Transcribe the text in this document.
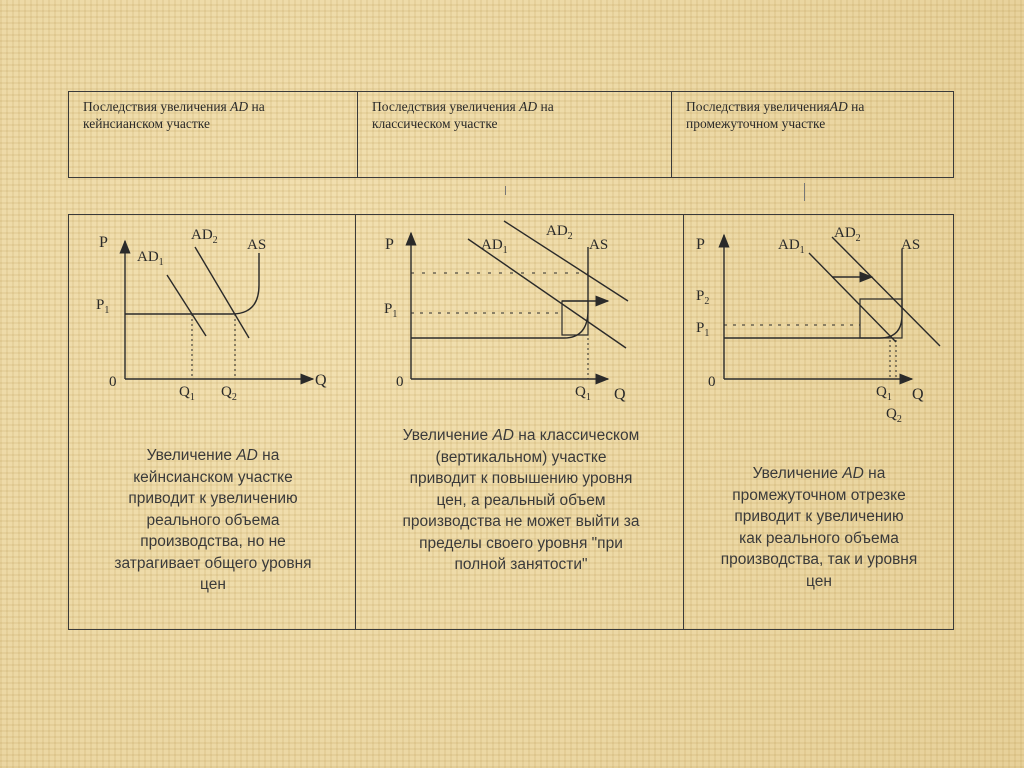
Последствия увеличения AD на
кейнсианском участке
Последствия увеличения AD на
классическом участке
Последствия увеличенияAD на
промежуточном участке
P
Q
0
$P_1$
$Q_1$ $Q_2$
$AD_1$
$AD_2$ AS
Увеличение AD на
кейнсианском участке
приводит к увеличению
реального объема
производства, но не
затрагивает общего уровня
цен
P
Q
0
$P_1$
$Q_1$
$AD_1$
$AD_2$
AS
Увеличение AD на классическом
(вертикальном) участке
приводит к повышению уровня
цен, а реальный объем
производства не может выйти за
пределы своего уровня "при
полной занятости"
P
Q
0
$P_2$
$P_1$
$Q_1$
$Q_2$
$AD_1$
$AD_2$	AS
Увеличение AD на
промежуточном отрезке
приводит к увеличению
как реального объема
производства, так и уровня
цен
